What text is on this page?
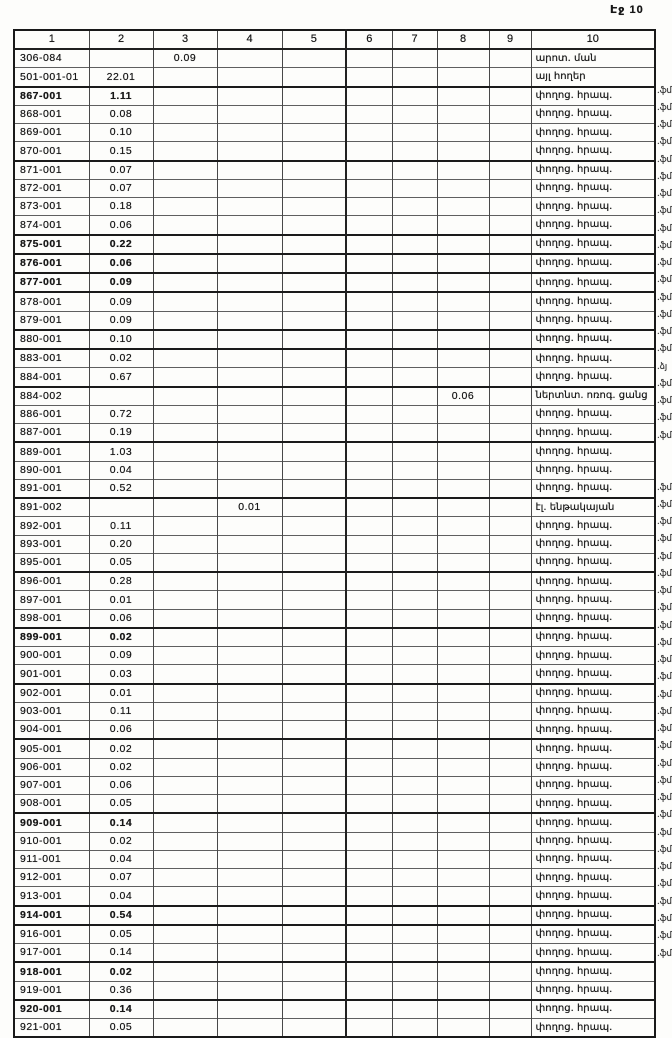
Էջ 10
1	2	3	4	5	6	7	8	9	10
306-084		0.09							արոտ. ման
501-001-01	22.01								այլ հողեր
867-001	1.11								փողոց. հրապ.
868-001	0.08								փողոց. հրապ.
869-001	0.10								փողոց. հրապ.
870-001	0.15								փողոց. հրապ.
871-001	0.07								փողոց. հրապ.
872-001	0.07								փողոց. հրապ.
873-001	0.18								փողոց. հրապ.
874-001	0.06								փողոց. հրապ.
875-001	0.22								փողոց. հրապ.
876-001	0.06								փողոց. հրապ.
877-001	0.09								փողոց. հրապ.
878-001	0.09								փողոց. հրապ.
879-001	0.09								փողոց. հրապ.
880-001	0.10								փողոց. հրապ.
883-001	0.02								փողոց. հրապ.
884-001	0.67								փողոց. հրապ.
884-002							0.06		ներտնտ. ոռոգ. ցանց
886-001	0.72								փողոց. հրապ.
887-001	0.19								փողոց. հրապ.
889-001	1.03								փողոց. հրապ.
890-001	0.04								փողոց. հրապ.
891-001	0.52								փողոց. հրապ.
891-002			0.01						էլ. ենթակայան
892-001	0.11								փողոց. հրապ.
893-001	0.20								փողոց. հրապ.
895-001	0.05								փողոց. հրապ.
896-001	0.28								փողոց. հրապ.
897-001	0.01								փողոց. հրապ.
898-001	0.06								փողոց. հրապ.
899-001	0.02								փողոց. հրապ.
900-001	0.09								փողոց. հրապ.
901-001	0.03								փողոց. հրապ.
902-001	0.01								փողոց. հրապ.
903-001	0.11								փողոց. հրապ.
904-001	0.06								փողոց. հրապ.
905-001	0.02								փողոց. հրապ.
906-001	0.02								փողոց. հրապ.
907-001	0.06								փողոց. հրապ.
908-001	0.05								փողոց. հրապ.
909-001	0.14								փողոց. հրապ.
910-001	0.02								փողոց. հրապ.
911-001	0.04								փողոց. հրապ.
912-001	0.07								փողոց. հրապ.
913-001	0.04								փողոց. հրապ.
914-001	0.54								փողոց. հրապ.
916-001	0.05								փողոց. հրապ.
917-001	0.14								փողոց. հրապ.
918-001	0.02								փողոց. հրապ.
919-001	0.36								փողոց. հրապ.
920-001	0.14								փողոց. հրապ.
921-001	0.05								փողոց. հրապ.
.ֆմ
.ֆմ
.ֆմ
.ֆմ
.ֆմ
.ֆմ
.ֆմ
.ֆմ
.ֆմ
.ֆմ
.ֆմ
.ֆմ
.ֆմ
.ֆմ
.ֆմ
.ֆմ
.ձյ
.ֆմ
.ֆմ
.ֆմ
.ֆմ
.ֆմ
.ֆմ
.ֆմ
.ֆմ
.ֆմ
.ֆմ
.ֆմ
.ֆմ
.ֆմ
.ֆմ
.ֆմ
.ֆմ
.ֆմ
.ֆմ
.ֆմ
.ֆմ
.ֆմ
.ֆմ
.ֆմ
.ֆմ
.ֆմ
.ֆմ
.ֆմ
.ֆմ
.ֆմ
.ֆմ
.ֆմ
.ֆմ
